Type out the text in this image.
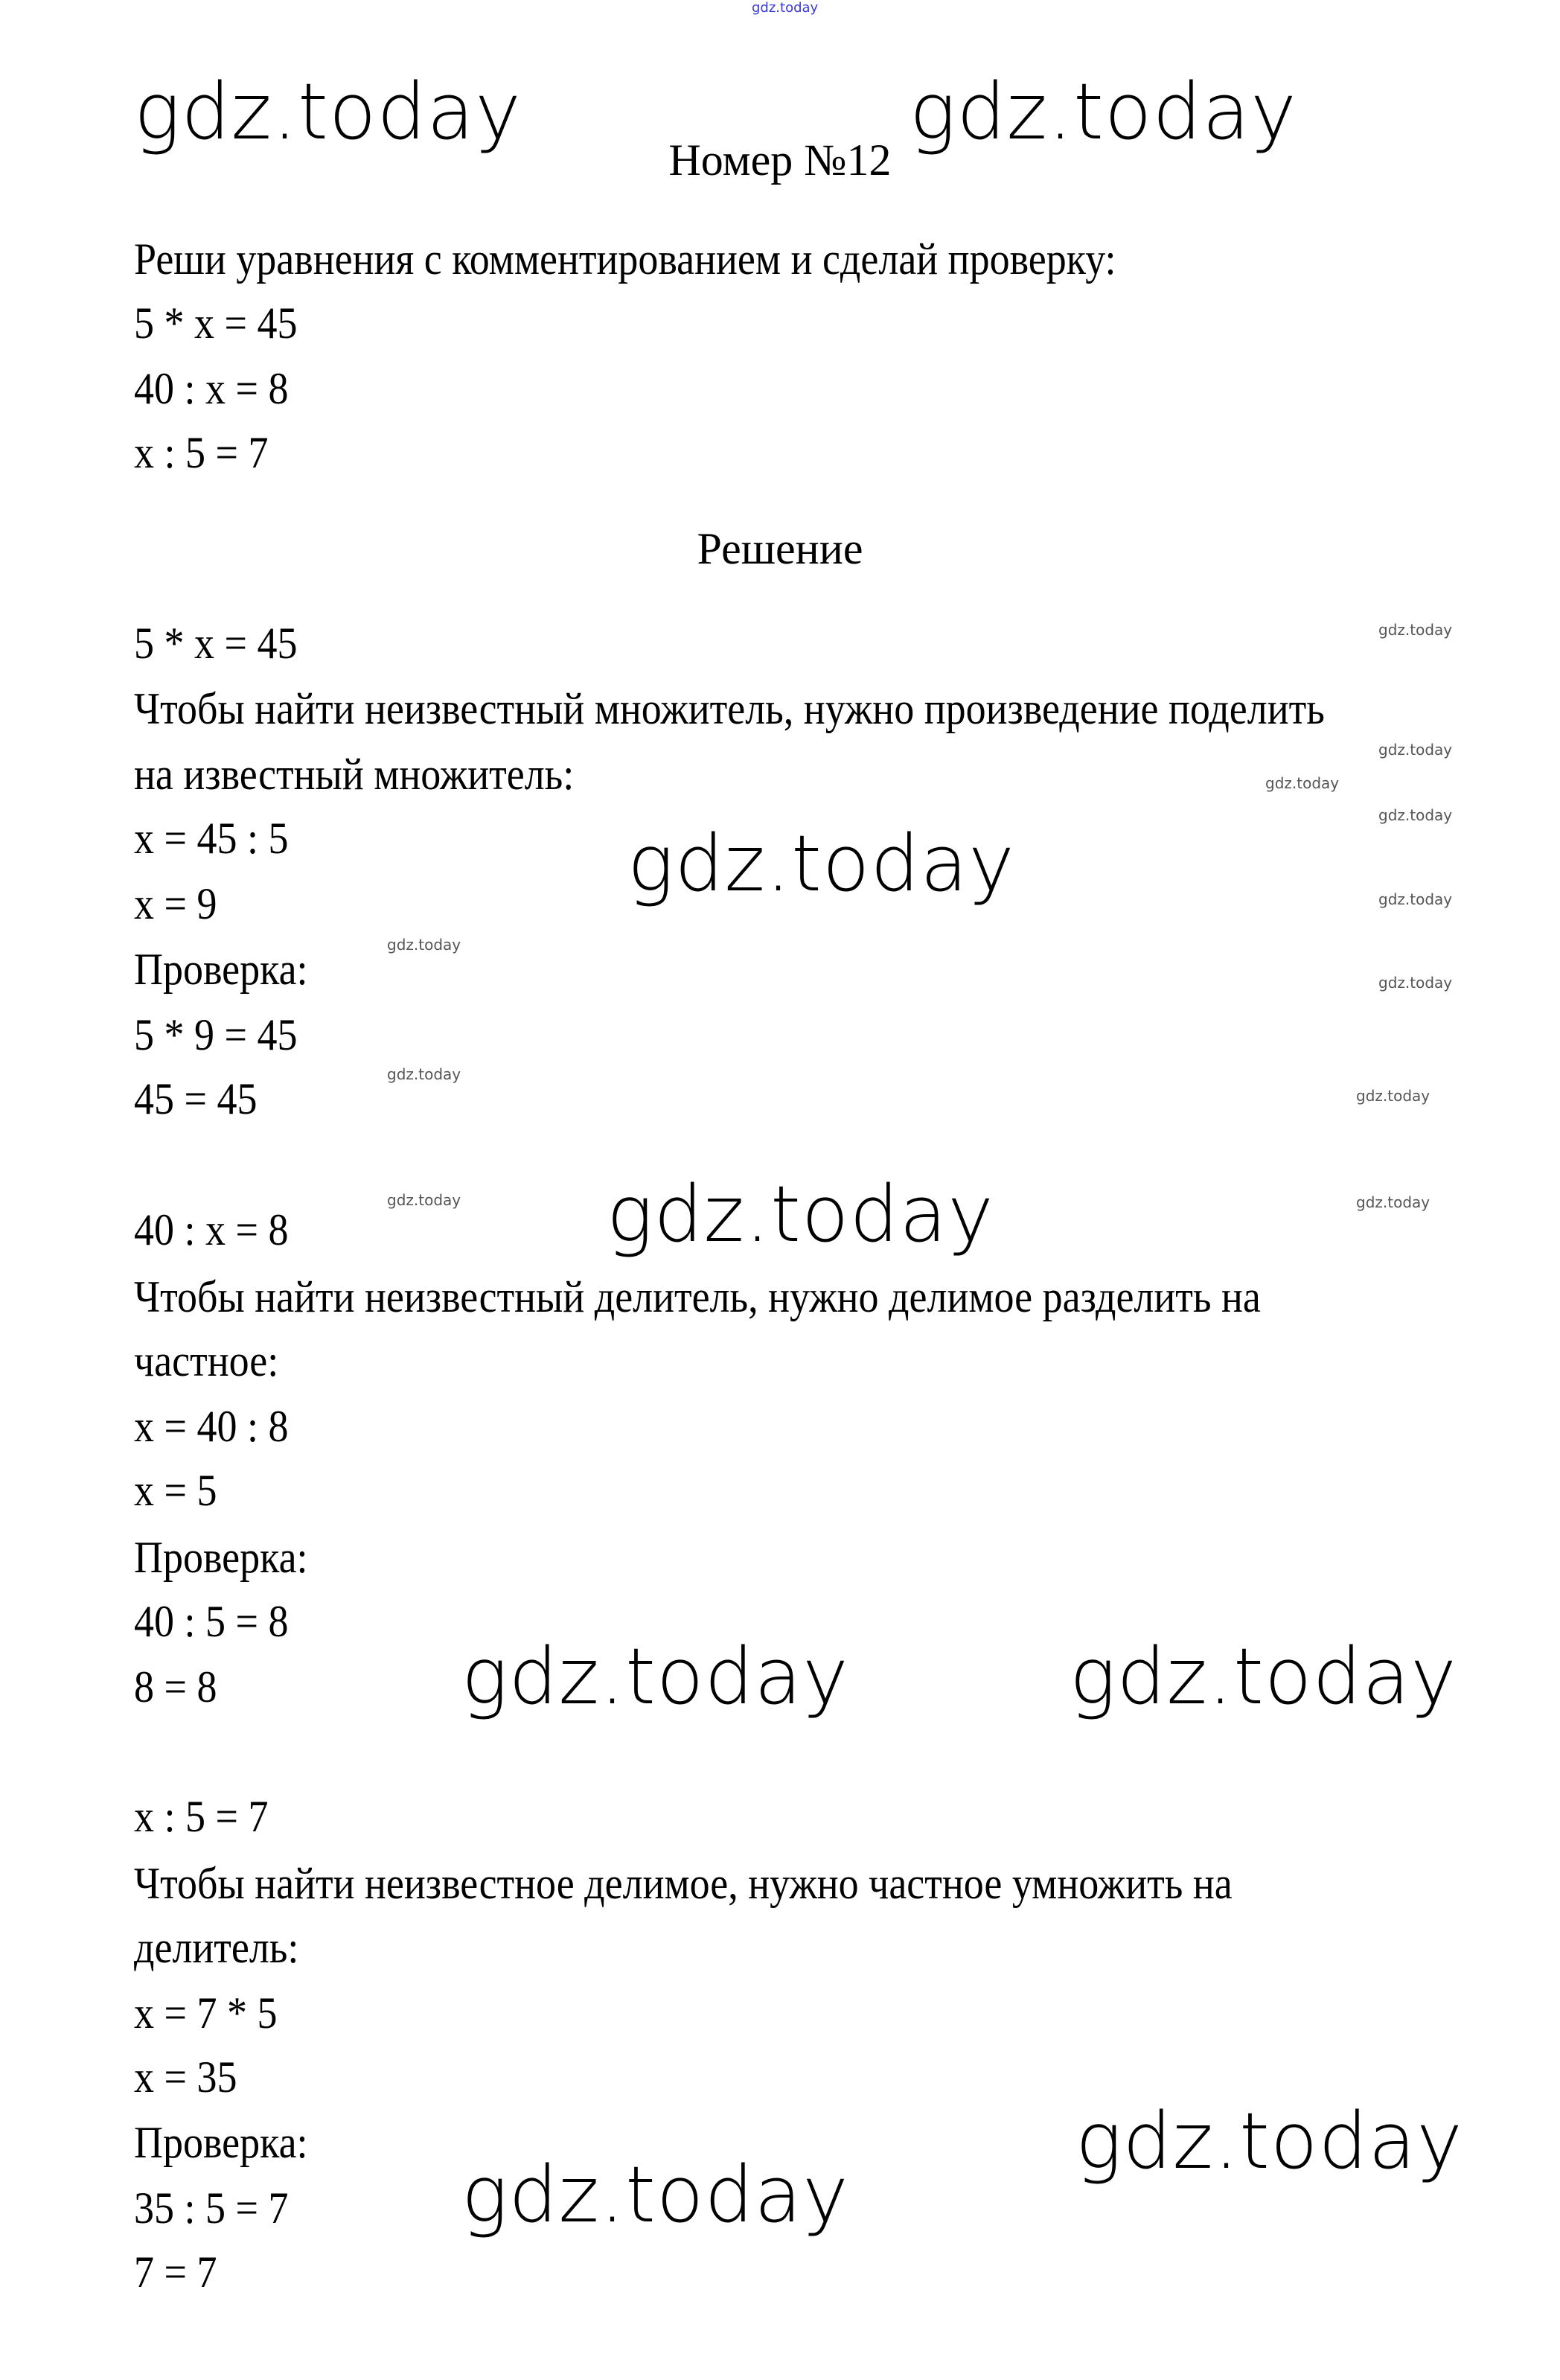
gdz.today
Номер №12
Реши уравнения с комментированием и сделай проверку:
5 * x = 45
40 : x = 8
x : 5 = 7
Решение
5 * x = 45
Чтобы найти неизвестный множитель, нужно произведение поделить
на известный множитель:
x = 45 : 5
x = 9
Проверка:
5 * 9 = 45
45 = 45
40 : x = 8
Чтобы найти неизвестный делитель, нужно делимое разделить на
частное:
x = 40 : 8
x = 5
Проверка:
40 : 5 = 8
8 = 8
x : 5 = 7
Чтобы найти неизвестное делимое, нужно частное умножить на
делитель:
x = 7 * 5
x = 35
Проверка:
35 : 5 = 7
7 = 7
gdz.today	gdz.today
gdz.today
gdz.today
gdz.today	gdz.today
gdz.today
gdz.today
gdz.today
gdz.today
gdz.today
gdz.today
gdz.today
gdz.today
gdz.today
gdz.today
gdz.today
gdz.today	gdz.today
